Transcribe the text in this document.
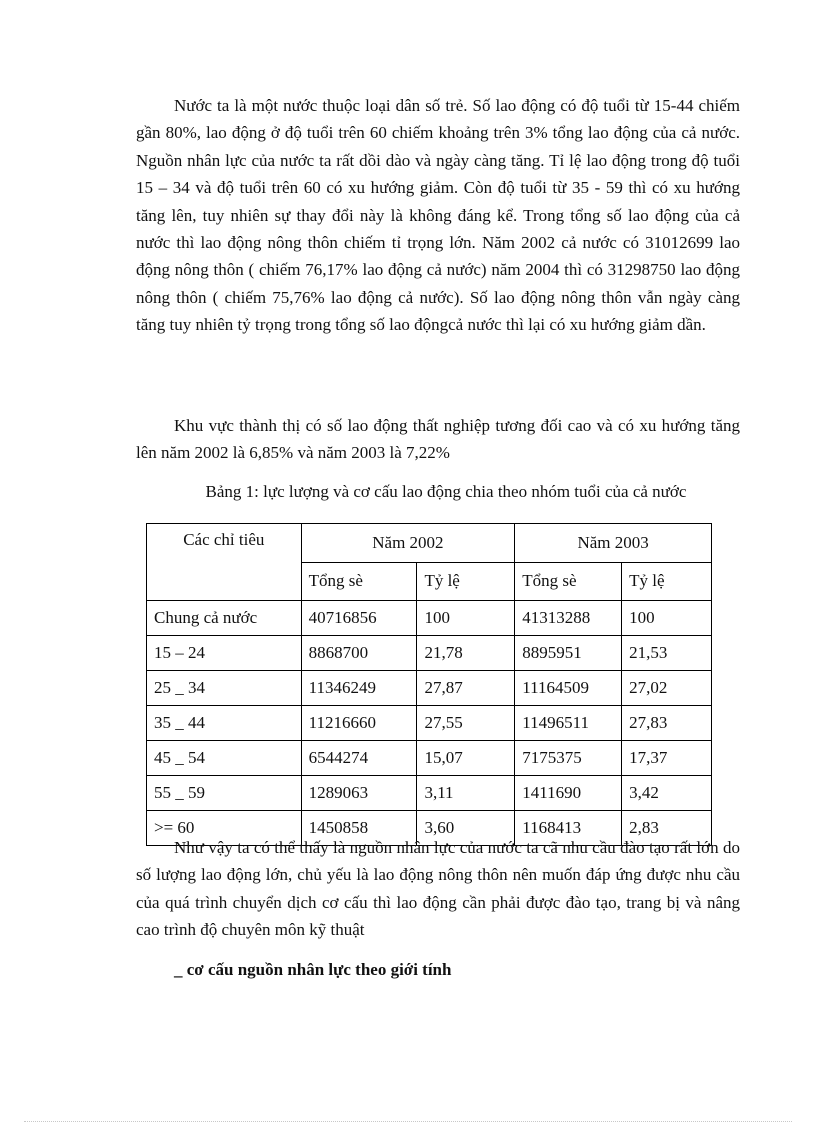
Nước ta là một nước thuộc loại dân số trẻ. Số lao động có độ tuổi từ 15-44 chiếm gần 80%, lao động ở độ tuổi trên 60 chiếm khoảng trên 3% tổng lao động của cả nước. Nguồn nhân lực của nước ta rất dồi dào và ngày càng tăng. Tỉ lệ lao động trong độ tuổi 15 – 34 và độ tuổi trên 60 có xu hướng giảm. Còn độ tuổi từ 35 - 59 thì có xu hướng tăng lên, tuy nhiên sự thay đổi này là không đáng kể. Trong tổng số lao động của cả nước thì lao động nông thôn chiếm tỉ trọng lớn. Năm 2002 cả nước có 31012699 lao động nông thôn ( chiếm 76,17% lao động cả nước) năm 2004 thì có 31298750 lao động nông thôn ( chiếm 75,76% lao động cả nước). Số lao động nông thôn vẫn ngày càng tăng tuy nhiên tỷ trọng trong tổng số lao độngcả nước thì lại có xu hướng giảm dần.

Khu vực thành thị có số lao động thất nghiệp tương đối cao và có xu hướng tăng lên năm 2002 là 6,85% và năm 2003 là 7,22%

Bảng 1: lực lượng và cơ cấu lao động chia theo nhóm tuổi của cả nước

Các chỉ tiêu	Năm 2002		Năm 2003	
	Tổng sè	Tỷ lệ	Tổng sè	Tỷ lệ
Chung cả nước	40716856	100	41313288	100
15 – 24	8868700	21,78	8895951	21,53
25 _ 34	11346249	27,87	11164509	27,02
35 _ 44	11216660	27,55	11496511	27,83
45 _ 54	6544274	15,07	7175375	17,37
55 _ 59	1289063	3,11	1411690	3,42
>= 60	1450858	3,60	1168413	2,83

Như vậy ta có thể thấy là nguồn nhân lực của nước ta cã nhu cầu đào tạo rất lớn do số lượng lao động lớn, chủ yếu là lao động nông thôn nên muốn đáp ứng được nhu cầu của quá trình chuyển dịch cơ cấu thì lao động cần phải được đào tạo, trang bị và nâng cao trình độ chuyên môn kỹ thuật

_ cơ cấu nguồn nhân lực theo giới tính
